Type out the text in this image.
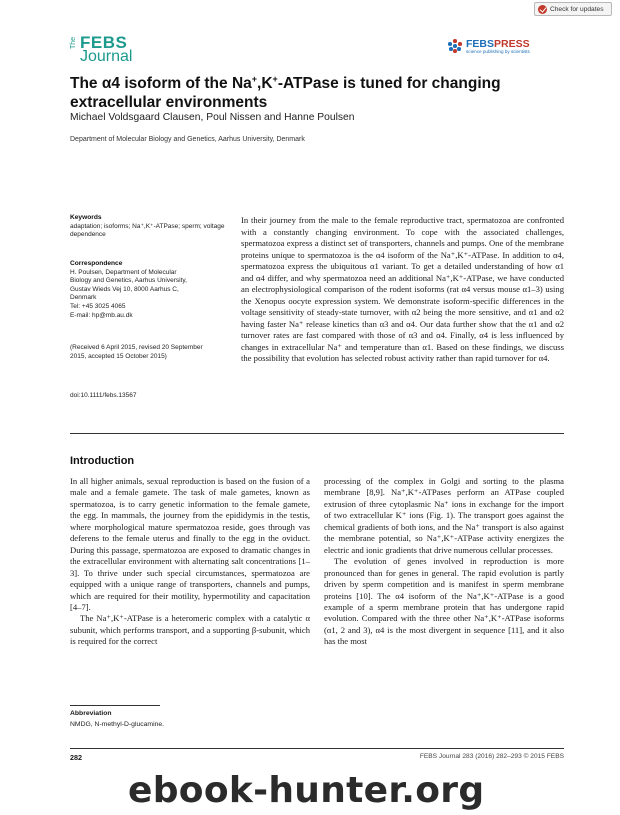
Check for updates
The FEBS
Journal
FEBSPRESS
science publishing by scientists
The α4 isoform of the Na+,K+-ATPase is tuned for changing extracellular environments
Michael Voldsgaard Clausen, Poul Nissen and Hanne Poulsen
Department of Molecular Biology and Genetics, Aarhus University, Denmark
Keywords

adaptation; isoforms; Na⁺,K⁺-ATPase; sperm; voltage dependence

Correspondence

H. Poulsen, Department of Molecular

Biology and Genetics, Aarhus University,

Gustav Wieds Vej 10, 8000 Aarhus C,

Denmark

Tel: +45 3025 4065

E-mail: hp@mb.au.dk

(Received 6 April 2015, revised 20 September 2015, accepted 15 October 2015)
doi:10.1111/febs.13567
In their journey from the male to the female reproductive tract, spermatozoa are confronted with a constantly changing environment. To cope with the associated challenges, spermatozoa express a distinct set of transporters, channels and pumps. One of the membrane proteins unique to spermatozoa is the α4 isoform of the Na⁺,K⁺-ATPase. In addition to α4, spermatozoa express the ubiquitous α1 variant. To get a detailed understanding of how α1 and α4 differ, and why spermatozoa need an additional Na⁺,K⁺-ATPase, we have conducted an electrophysiological comparison of the rodent isoforms (rat α4 versus mouse α1–3) using the Xenopus oocyte expression system. We demonstrate isoform-specific differences in the voltage sensitivity of steady-state turnover, with α2 being the more sensitive, and α1 and α2 having faster Na⁺ release kinetics than α3 and α4. Our data further show that the α1 and α2 turnover rates are fast compared with those of α3 and α4. Finally, α4 is less influenced by changes in extracellular Na⁺ and temperature than α1. Based on these findings, we discuss the possibility that evolution has selected robust activity rather than rapid turnover for α4.
Introduction

In all higher animals, sexual reproduction is based on the fusion of a male and a female gamete. The task of male gametes, known as spermatozoa, is to carry genetic information to the female gamete, the egg. In mammals, the journey from the epididymis in the testis, where morphological mature spermatozoa reside, goes through vas deferens to the female uterus and finally to the egg in the oviduct. During this passage, spermatozoa are exposed to dramatic changes in the extracellular environment with alternating salt concentrations [1–3]. To thrive under such special circumstances, spermatozoa are equipped with a unique range of transporters, channels and pumps, which are required for their motility, hypermotility and capacitation [4–7].

The Na⁺,K⁺-ATPase is a heteromeric complex with a catalytic α subunit, which performs transport, and a supporting β-subunit, which is required for the correct

processing of the complex in Golgi and sorting to the plasma membrane [8,9]. Na⁺,K⁺-ATPases perform an ATPase coupled extrusion of three cytoplasmic Na⁺ ions in exchange for the import of two extracellular K⁺ ions (Fig. 1). The transport goes against the chemical gradients of both ions, and the Na⁺ transport is also against the membrane potential, so Na⁺,K⁺-ATPase activity energizes the electric and ionic gradients that drive numerous cellular processes.

The evolution of genes involved in reproduction is more pronounced than for genes in general. The rapid evolution is partly driven by sperm competition and is manifest in sperm membrane proteins [10]. The α4 isoform of the Na⁺,K⁺-ATPase is a good example of a sperm membrane protein that has undergone rapid evolution. Compared with the three other Na⁺,K⁺-ATPase isoforms (α1, 2 and 3), α4 is the most divergent in sequence [11], and it also has the most

Abbreviation
NMDG, N-methyl-D-glucamine.
282	FEBS Journal 283 (2016) 282–293 © 2015 FEBS
ebook-hunter.org
